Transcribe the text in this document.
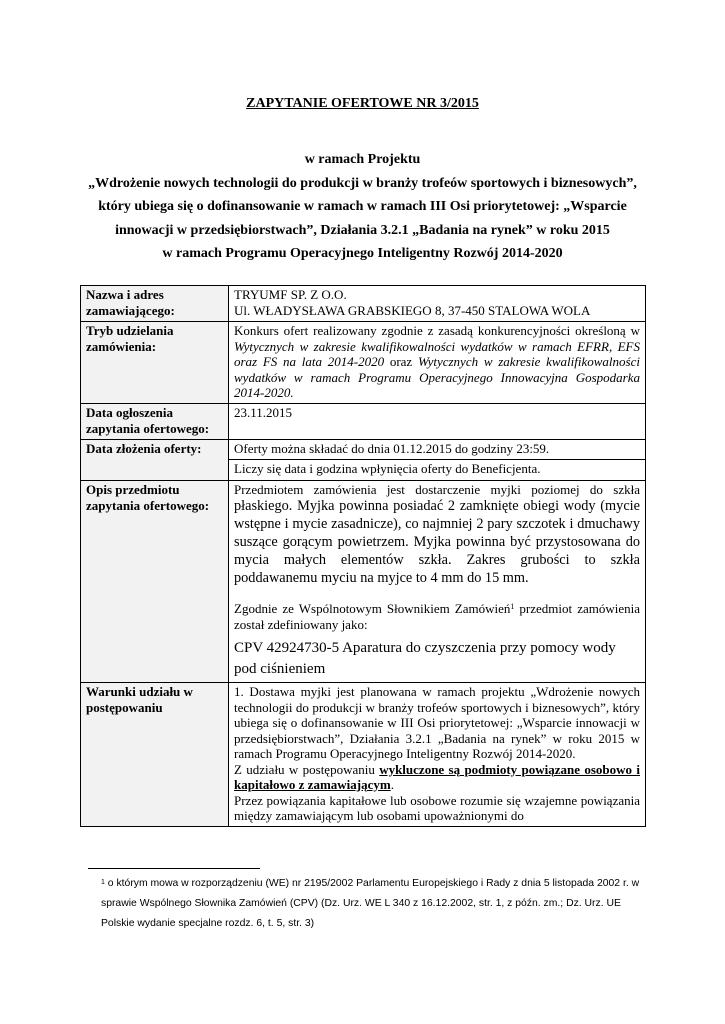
ZAPYTANIE OFERTOWE NR 3/2015
w ramach Projektu
„Wdrożenie nowych technologii do produkcji w branży trofeów sportowych i biznesowych”,
który ubiega się o dofinansowanie w ramach w ramach III Osi priorytetowej: „Wsparcie
innowacji w przedsiębiorstwach”, Działania 3.2.1 „Badania na rynek” w roku 2015
w ramach Programu Operacyjnego Inteligentny Rozwój 2014-2020
Nazwa i adres zamawiającego:	TRYUMF SP. Z O.O.
Ul. WŁADYSŁAWA GRABSKIEGO 8, 37-450 STALOWA WOLA

Tryb udzielania zamówienia:	Konkurs ofert realizowany zgodnie z zasadą konkurencyjności określoną w Wytycznych w zakresie kwalifikowalności wydatków w ramach EFRR, EFS oraz FS na lata 2014-2020 oraz Wytycznych w zakresie kwalifikowalności wydatków w ramach Programu Operacyjnego Innowacyjna Gospodarka 2014-2020.
Data ogłoszenia zapytania ofertowego:	23.11.2015
Data złożenia oferty:	Oferty można składać do dnia 01.12.2015 do godziny 23:59.
Liczy się data i godzina wpłynięcia oferty do Beneficjenta.

Opis przedmiotu zapytania ofertowego:	Przedmiotem zamówienia jest dostarczenie myjki poziomej do szkła płaskiego. Myjka powinna posiadać 2 zamknięte obiegi wody (mycie wstępne i mycie zasadnicze), co najmniej 2 pary szczotek i dmuchawy suszące gorącym powietrzem. Myjka powinna być przystosowana do mycia małych elementów szkła. Zakres grubości to szkła poddawanemu myciu na myjce to 4 mm do 15 mm.
Zgodnie ze Wspólnotowym Słownikiem Zamówień$^1$ przedmiot zamówienia został zdefiniowany jako:
CPV 42924730-5 Aparatura do czyszczenia przy pomocy wody pod ciśnieniem

Warunki udziału w postępowaniu	1. Dostawa myjki jest planowana w ramach projektu „Wdrożenie nowych technologii do produkcji w branży trofeów sportowych i biznesowych”, który ubiega się o dofinansowanie w III Osi priorytetowej: „Wsparcie innowacji w przedsiębiorstwach”, Działania 3.2.1 „Badania na rynek” w roku 2015 w ramach Programu Operacyjnego Inteligentny Rozwój 2014-2020.
Z udziału w postępowaniu wykluczone są podmioty powiązane osobowo i kapitałowo z zamawiającym.
Przez powiązania kapitałowe lub osobowe rozumie się wzajemne powiązania między zamawiającym lub osobami upoważnionymi do
$^1$ o którym mowa w rozporządzeniu (WE) nr 2195/2002 Parlamentu Europejskiego i Rady z dnia 5 listopada 2002 r. w sprawie Wspólnego Słownika Zamówień (CPV) (Dz. Urz. WE L 340 z 16.12.2002, str. 1, z późn. zm.; Dz. Urz. UE Polskie wydanie specjalne rozdz. 6, t. 5, str. 3)
